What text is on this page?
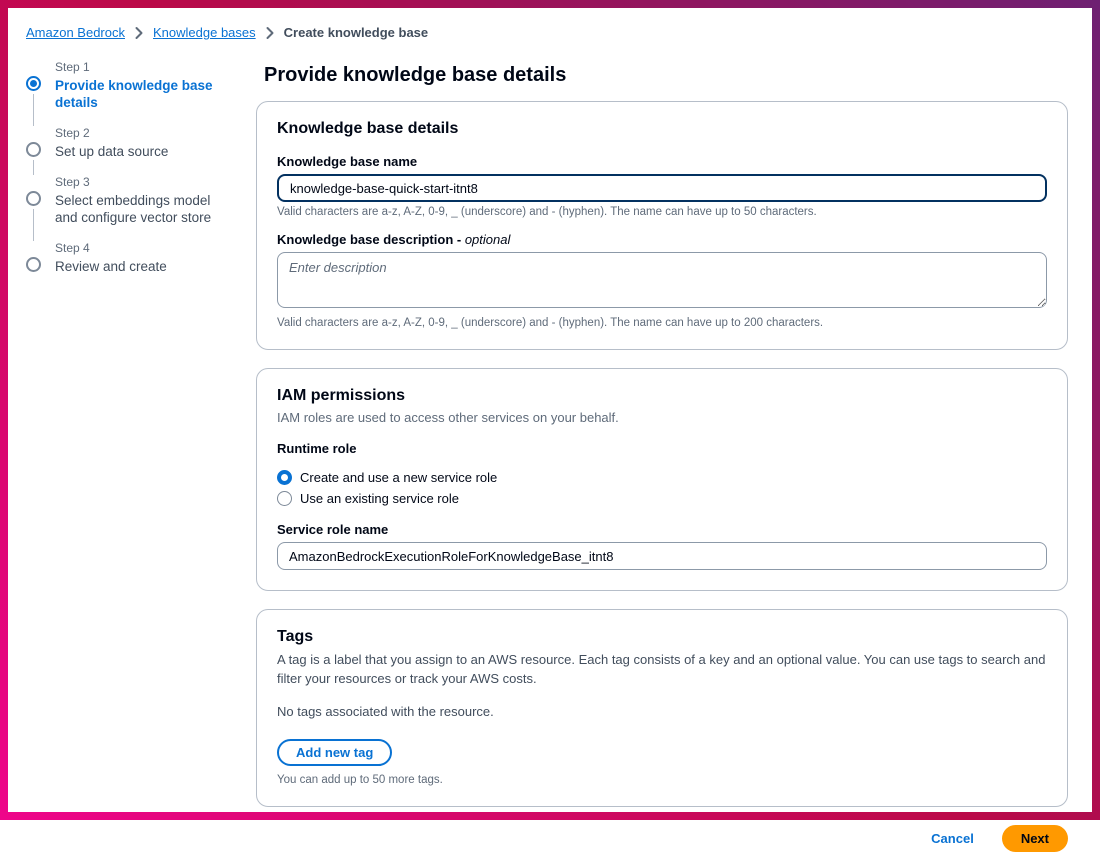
Amazon Bedrock Knowledge bases Create knowledge base
Step 1
Provide knowledge base details
Step 2
Set up data source
Step 3
Select embeddings model and configure vector store
Step 4
Review and create
Provide knowledge base details
Knowledge base details
Knowledge base name
knowledge-base-quick-start-itnt8
Valid characters are a-z, A-Z, 0-9, _ (underscore) and - (hyphen). The name can have up to 50 characters.
Knowledge base description - optional
Enter description
Valid characters are a-z, A-Z, 0-9, _ (underscore) and - (hyphen). The name can have up to 200 characters.
IAM permissions
IAM roles are used to access other services on your behalf.
Runtime role
Create and use a new service role
Use an existing service role
Service role name
AmazonBedrockExecutionRoleForKnowledgeBase_itnt8
Tags
A tag is a label that you assign to an AWS resource. Each tag consists of a key and an optional value. You can use tags to search and filter your resources or track your AWS costs.
No tags associated with the resource.
Add new tag
You can add up to 50 more tags.
Cancel	Next
